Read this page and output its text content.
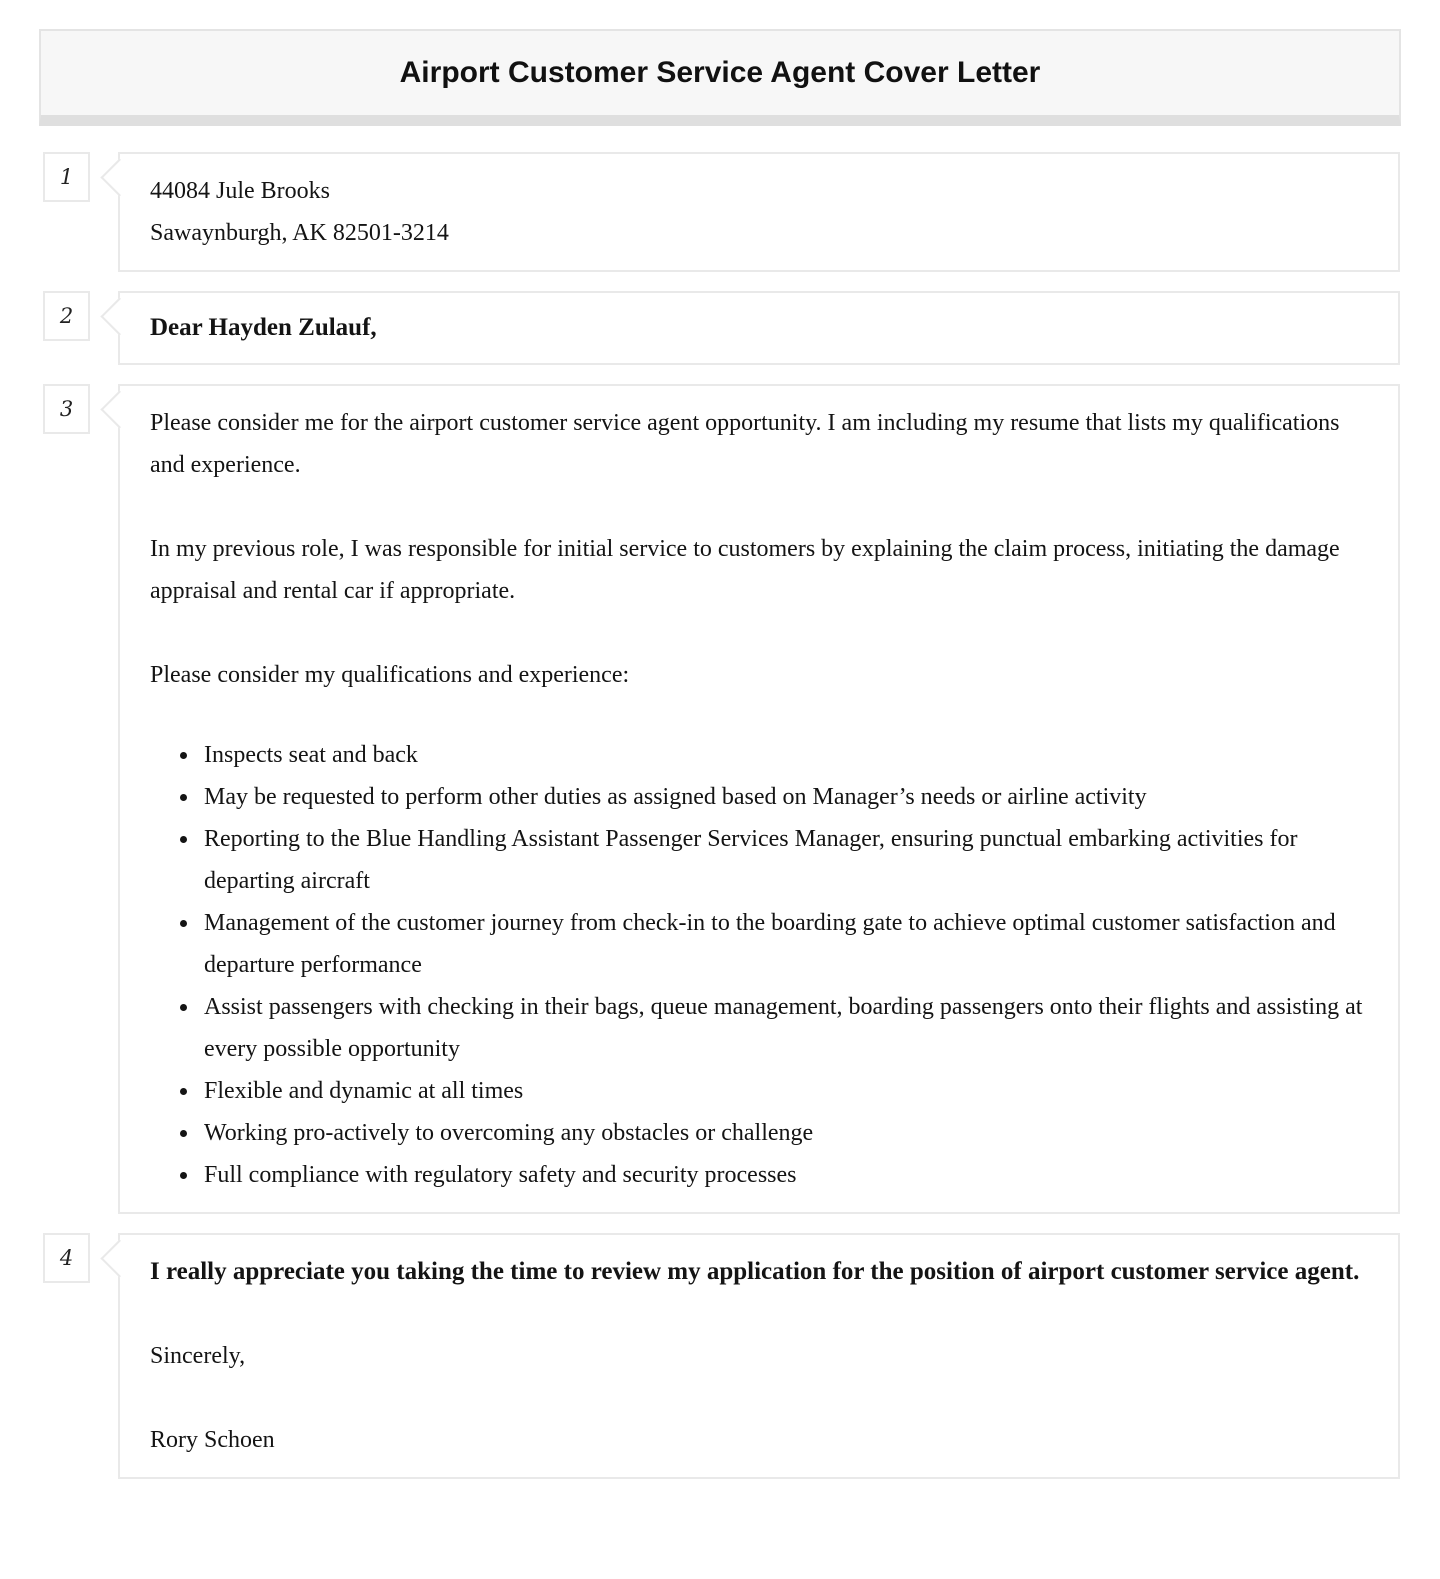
Airport Customer Service Agent Cover Letter
1

44084 Jule Brooks

Sawaynburgh, AK 82501-3214

2	Dear Hayden Zulauf,

3

Please consider me for the airport customer service agent opportunity. I am including my resume that lists my qualifications and experience.

In my previous role, I was responsible for initial service to customers by explaining the claim process, initiating the damage appraisal and rental car if appropriate.

Please consider my qualifications and experience:

• Inspects seat and back
• May be requested to perform other duties as assigned based on Manager’s needs or airline activity
• Reporting to the Blue Handling Assistant Passenger Services Manager, ensuring punctual embarking activities for departing aircraft
• Management of the customer journey from check-in to the boarding gate to achieve optimal customer satisfaction and departure performance
• Assist passengers with checking in their bags, queue management, boarding passengers onto their flights and assisting at every possible opportunity
• Flexible and dynamic at all times
• Working pro-actively to overcoming any obstacles or challenge
• Full compliance with regulatory safety and security processes
4	I really appreciate you taking the time to review my application for the position of airport customer service agent.

Sincerely,

Rory Schoen
